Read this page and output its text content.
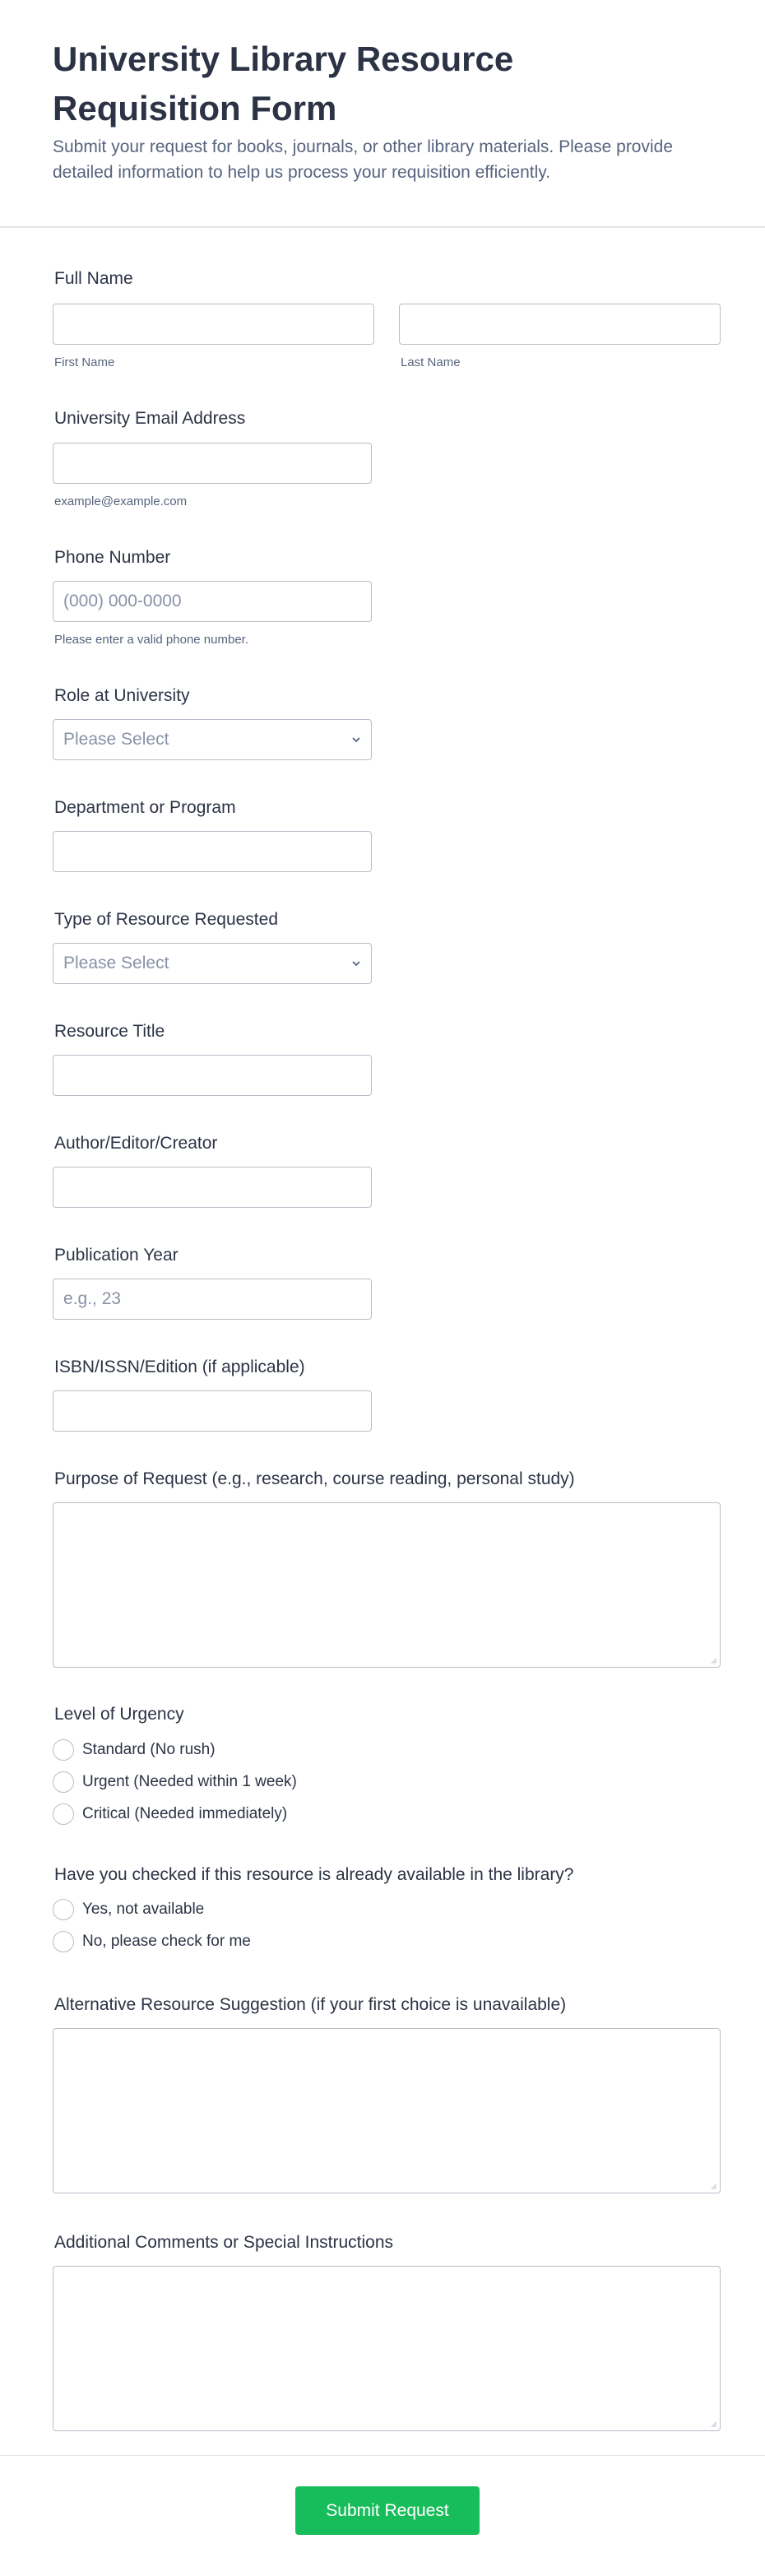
University Library Resource Requisition Form

Submit your request for books, journals, or other library materials. Please provide detailed information to help us process your requisition efficiently.

Full Name
First Name	Last Name
University Email Address
example@example.com
Phone Number
(000) 000-0000
Please enter a valid phone number.
Role at University
Please Select
Department or Program
Type of Resource Requested
Please Select
Resource Title
Author/Editor/Creator
Publication Year
e.g., 23
ISBN/ISSN/Edition (if applicable)
Purpose of Request (e.g., research, course reading, personal study)
Level of Urgency
Standard (No rush)
Urgent (Needed within 1 week)
Critical (Needed immediately)
Have you checked if this resource is already available in the library?
Yes, not available
No, please check for me
Alternative Resource Suggestion (if your first choice is unavailable)
Additional Comments or Special Instructions
Submit Request
